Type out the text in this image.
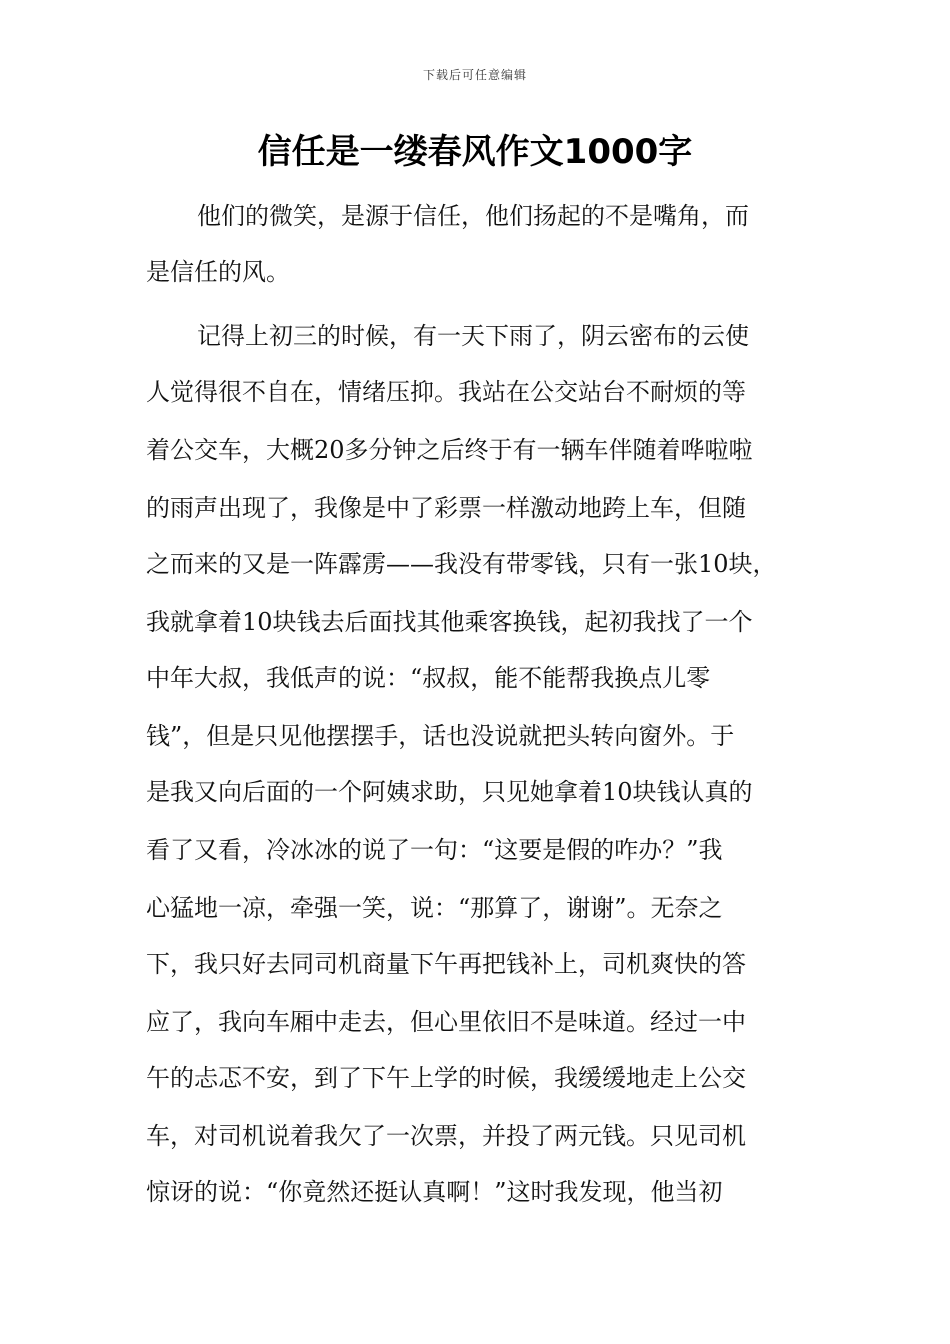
下载后可任意编辑
信任是一缕春风作文1000字
他们的微笑，是源于信任，他们扬起的不是嘴角，而
是信任的风。
记得上初三的时候，有一天下雨了，阴云密布的云使
人觉得很不自在，情绪压抑。我站在公交站台不耐烦的等
着公交车，大概20多分钟之后终于有一辆车伴随着哗啦啦
的雨声出现了，我像是中了彩票一样激动地跨上车，但随
之而来的又是一阵霹雳——我没有带零钱，只有一张10块，
我就拿着10块钱去后面找其他乘客换钱，起初我找了一个
中年大叔，我低声的说：“叔叔，能不能帮我换点儿零
钱”，但是只见他摆摆手，话也没说就把头转向窗外。于
是我又向后面的一个阿姨求助，只见她拿着10块钱认真的
看了又看，冷冰冰的说了一句：“这要是假的咋办？”我
心猛地一凉，牵强一笑，说：“那算了，谢谢”。无奈之
下，我只好去同司机商量下午再把钱补上，司机爽快的答
应了，我向车厢中走去，但心里依旧不是味道。经过一中
午的忐忑不安，到了下午上学的时候，我缓缓地走上公交
车，对司机说着我欠了一次票，并投了两元钱。只见司机
惊讶的说：“你竟然还挺认真啊！”这时我发现，他当初
